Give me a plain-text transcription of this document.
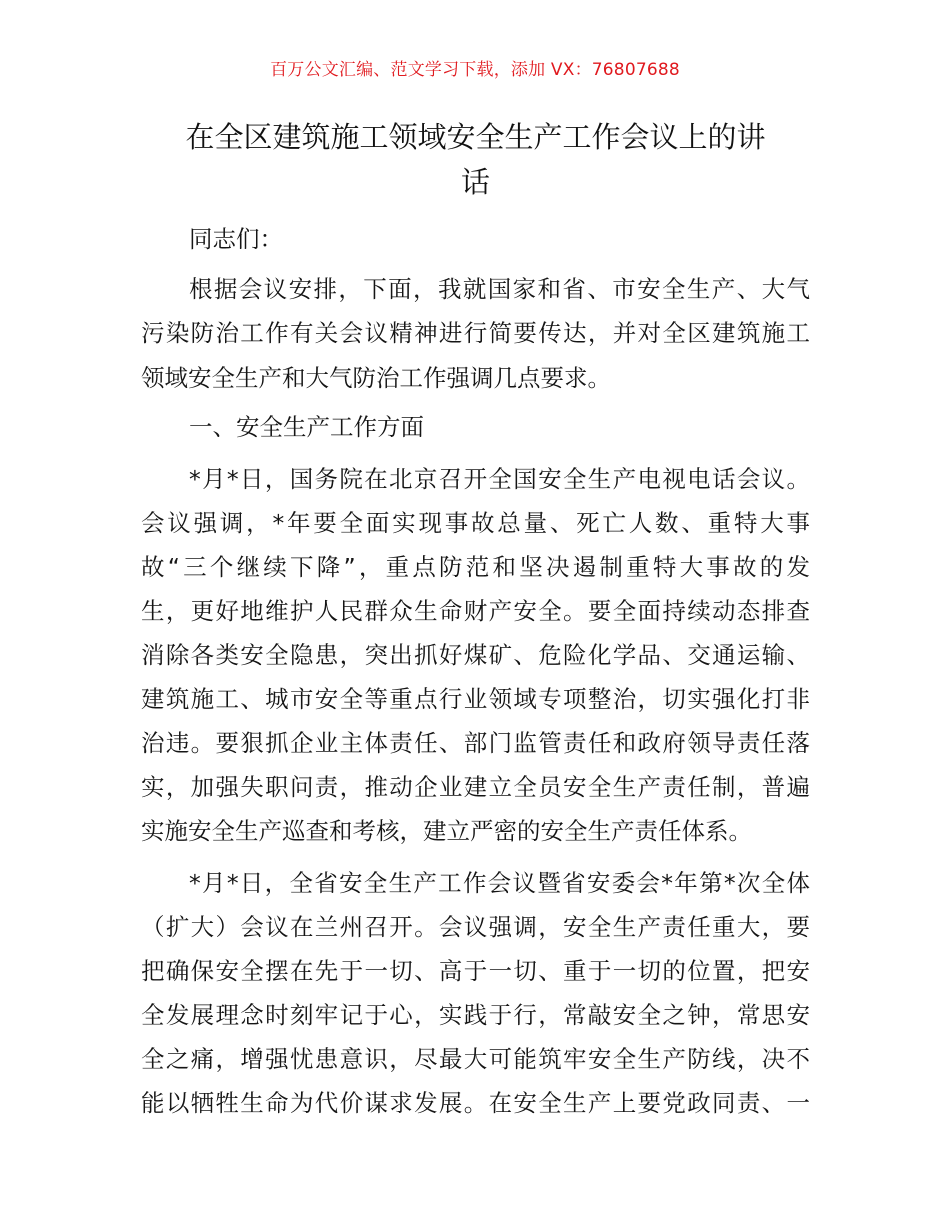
百万公文汇编、范文学习下载，添加 VX：76807688
在全区建筑施工领域安全生产工作会议上的讲
话
同志们：
根据会议安排，下面，我就国家和省、市安全生产、大气
污染防治工作有关会议精神进行简要传达，并对全区建筑施工
领域安全生产和大气防治工作强调几点要求。
一、安全生产工作方面
*月*日，国务院在北京召开全国安全生产电视电话会议。
会议强调，*年要全面实现事故总量、死亡人数、重特大事
故“三个继续下降”，重点防范和坚决遏制重特大事故的发
生，更好地维护人民群众生命财产安全。要全面持续动态排查
消除各类安全隐患，突出抓好煤矿、危险化学品、交通运输、
建筑施工、城市安全等重点行业领域专项整治，切实强化打非
治违。要狠抓企业主体责任、部门监管责任和政府领导责任落
实，加强失职问责，推动企业建立全员安全生产责任制，普遍
实施安全生产巡查和考核，建立严密的安全生产责任体系。
*月*日，全省安全生产工作会议暨省安委会*年第*次全体
（扩大）会议在兰州召开。会议强调，安全生产责任重大，要
把确保安全摆在先于一切、高于一切、重于一切的位置，把安
全发展理念时刻牢记于心，实践于行，常敲安全之钟，常思安
全之痛，增强忧患意识，尽最大可能筑牢安全生产防线，决不
能以牺牲生命为代价谋求发展。在安全生产上要党政同责、一
